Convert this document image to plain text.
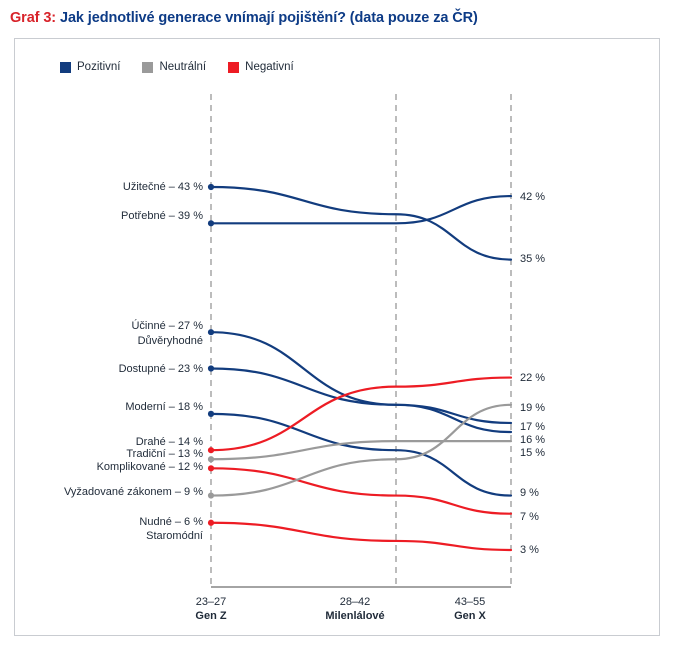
Graf 3: Jak jednotlivé generace vnímají pojištění? (data pouze za ČR)
Pozitivní	Neutrální	Negativní
Užitečné – 43 %
Potřebné – 39 %
Účinné – 27 %
Důvěryhodné
Dostupné – 23 %
Moderní – 18 %
Drahé – 14 %
Tradiční – 13 %
Komplikované – 12 %
Vyžadované zákonem – 9 %
Nudné – 6 %
Staromódní
42 %
35 %
22 %
19 %
17 %
16 %
15 %
9 %
7 %
3 %
23–27
Gen Z
28–42
Milenlálové
43–55
Gen X
